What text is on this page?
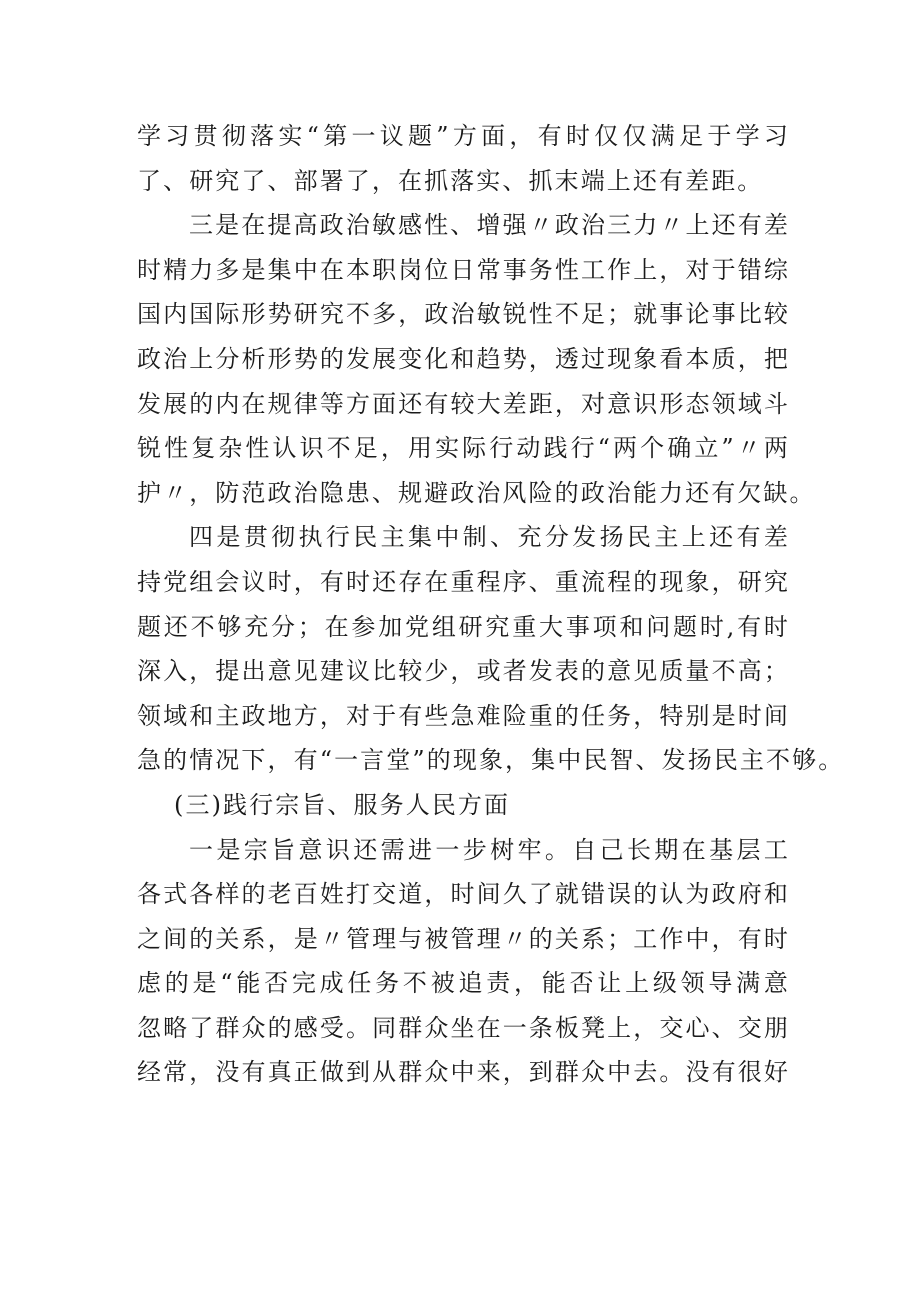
学习贯彻落实“第一议题”方面，有时仅仅满足于学习
了、研究了、部署了，在抓落实、抓末端上还有差距。
三是在提高政治敏感性、增强〃政治三力〃上还有差
时精力多是集中在本职岗位日常事务性工作上，对于错综
国内国际形势研究不多，政治敏锐性不足；就事论事比较
政治上分析形势的发展变化和趋势，透过现象看本质，把
发展的内在规律等方面还有较大差距，对意识形态领域斗
锐性复杂性认识不足，用实际行动践行“两个确立”〃两
护〃，防范政治隐患、规避政治风险的政治能力还有欠缺。
四是贯彻执行民主集中制、充分发扬民主上还有差
持党组会议时，有时还存在重程序、重流程的现象，研究
题还不够充分；在参加党组研究重大事项和问题时,有时
深入，提出意见建议比较少，或者发表的意见质量不高；
领域和主政地方，对于有些急难险重的任务，特别是时间
急的情况下，有“一言堂”的现象，集中民智、发扬民主不够。
(三)践行宗旨、服务人民方面
一是宗旨意识还需进一步树牢。自己长期在基层工
各式各样的老百姓打交道，时间久了就错误的认为政府和
之间的关系，是〃管理与被管理〃的关系；工作中，有时
虑的是“能否完成任务不被追责，能否让上级领导满意
忽略了群众的感受。同群众坐在一条板凳上，交心、交朋
经常，没有真正做到从群众中来，到群众中去。没有很好
